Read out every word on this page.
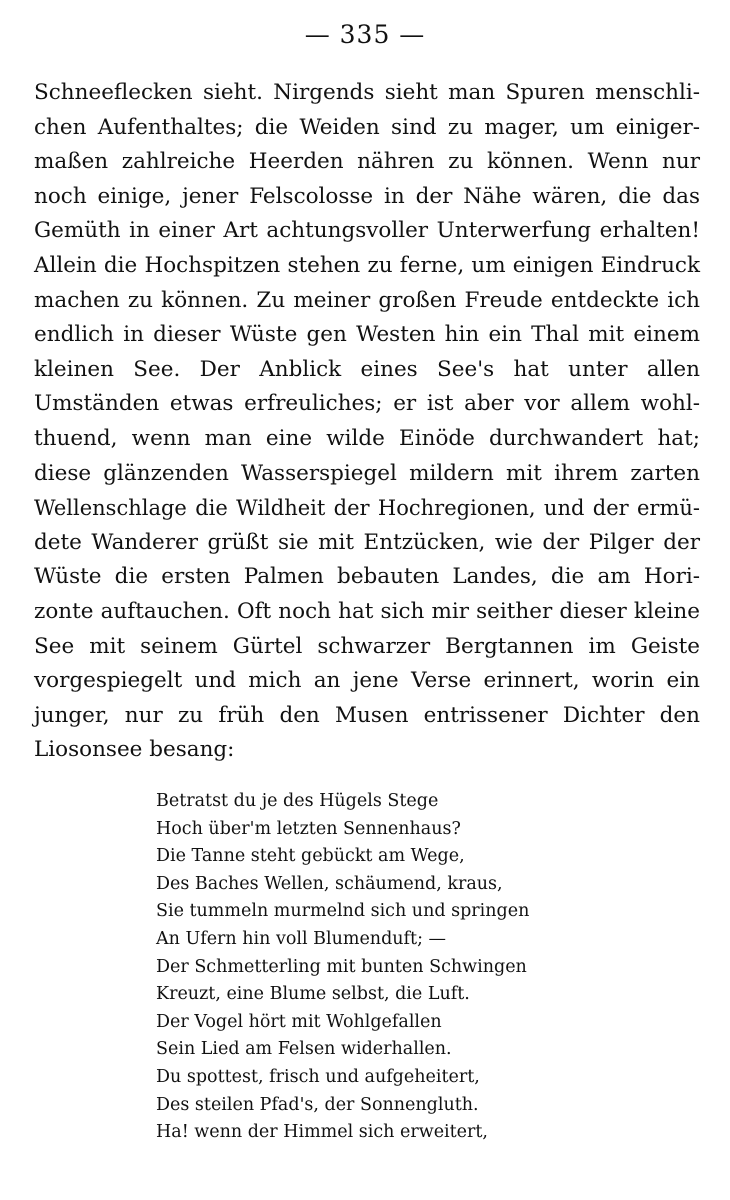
— 335 —
Schneeflecken sieht. Nirgends sieht man Spuren menschli-
chen Aufenthaltes; die Weiden sind zu mager, um einiger-
maßen zahlreiche Heerden nähren zu können. Wenn nur
noch einige, jener Felscolosse in der Nähe wären, die das
Gemüth in einer Art achtungsvoller Unterwerfung erhalten!
Allein die Hochspitzen stehen zu ferne, um einigen Eindruck
machen zu können. Zu meiner großen Freude entdeckte ich
endlich in dieser Wüste gen Westen hin ein Thal mit einem
kleinen See. Der Anblick eines See's hat unter allen
Umständen etwas erfreuliches; er ist aber vor allem wohl-
thuend, wenn man eine wilde Einöde durchwandert hat;
diese glänzenden Wasserspiegel mildern mit ihrem zarten
Wellenschlage die Wildheit der Hochregionen, und der ermü-
dete Wanderer grüßt sie mit Entzücken, wie der Pilger der
Wüste die ersten Palmen bebauten Landes, die am Hori-
zonte auftauchen. Oft noch hat sich mir seither dieser kleine
See mit seinem Gürtel schwarzer Bergtannen im Geiste
vorgespiegelt und mich an jene Verse erinnert, worin ein
junger, nur zu früh den Musen entrissener Dichter den
Liosonsee besang:
Betratst du je des Hügels Stege
Hoch über'm letzten Sennenhaus?
Die Tanne steht gebückt am Wege,
Des Baches Wellen, schäumend, kraus,
Sie tummeln murmelnd sich und springen
An Ufern hin voll Blumenduft; —
Der Schmetterling mit bunten Schwingen
Kreuzt, eine Blume selbst, die Luft.
Der Vogel hört mit Wohlgefallen
Sein Lied am Felsen widerhallen.
Du spottest, frisch und aufgeheitert,
Des steilen Pfad's, der Sonnengluth.
Ha! wenn der Himmel sich erweitert,
